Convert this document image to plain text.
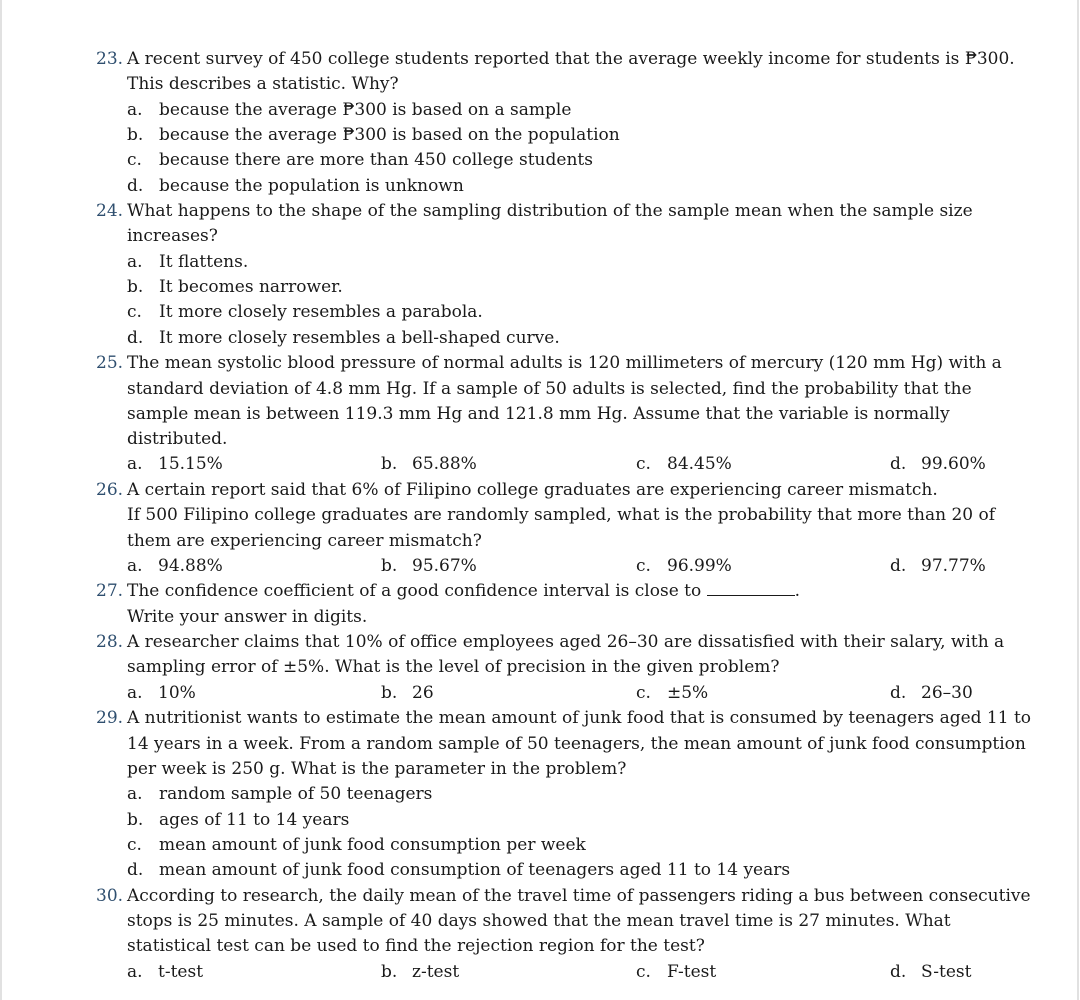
23. A recent survey of 450 college students reported that the average weekly income for students is ₱300.
This describes a statistic. Why?
a. because the average ₱300 is based on a sample
b. because the average ₱300 is based on the population
c. because there are more than 450 college students
d. because the population is unknown
24. What happens to the shape of the sampling distribution of the sample mean when the sample size
increases?
a. It flattens.
b. It becomes narrower.
c. It more closely resembles a parabola.
d. It more closely resembles a bell-shaped curve.
25. The mean systolic blood pressure of normal adults is 120 millimeters of mercury (120 mm Hg) with a
standard deviation of 4.8 mm Hg. If a sample of 50 adults is selected, find the probability that the
sample mean is between 119.3 mm Hg and 121.8 mm Hg. Assume that the variable is normally
distributed.
a. 15.15%	b. 65.88%	c. 84.45%	d. 99.60%
26. A certain report said that 6% of Filipino college graduates are experiencing career mismatch.
If 500 Filipino college graduates are randomly sampled, what is the probability that more than 20 of
them are experiencing career mismatch?
a. 94.88%	b. 95.67%	c. 96.99%	d. 97.77%
27. The confidence coefficient of a good confidence interval is close to	.
Write your answer in digits.
28. A researcher claims that 10% of office employees aged 26–30 are dissatisfied with their salary, with a
sampling error of ±5%. What is the level of precision in the given problem?
a. 10%	b. 26	c. ±5%	d. 26–30
29. A nutritionist wants to estimate the mean amount of junk food that is consumed by teenagers aged 11 to
14 years in a week. From a random sample of 50 teenagers, the mean amount of junk food consumption
per week is 250 g. What is the parameter in the problem?
a. random sample of 50 teenagers
b. ages of 11 to 14 years
c. mean amount of junk food consumption per week
d. mean amount of junk food consumption of teenagers aged 11 to 14 years
30. According to research, the daily mean of the travel time of passengers riding a bus between consecutive
stops is 25 minutes. A sample of 40 days showed that the mean travel time is 27 minutes. What
statistical test can be used to find the rejection region for the test?
a. t-test	b. z-test	c. F-test	d. S-test
